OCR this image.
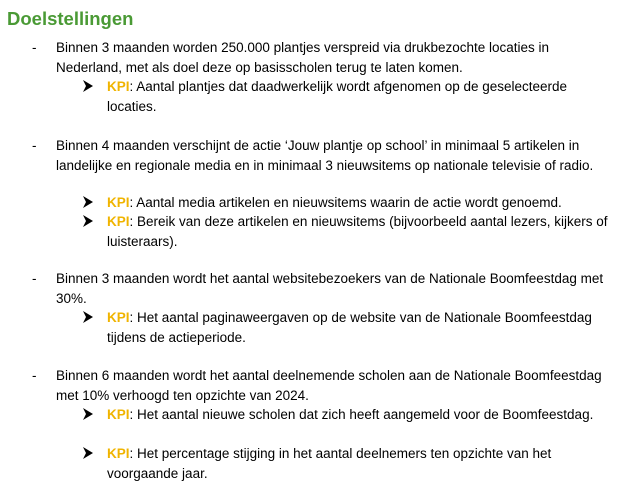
Doelstellingen
- Binnen 3 maanden worden 250.000 plantjes verspreid via drukbezochte locaties in Nederland, met als doel deze op basisscholen terug te laten komen.

KPI: Aantal plantjes dat daadwerkelijk wordt afgenomen op de geselecteerde locaties.

- Binnen 4 maanden verschijnt de actie ‘Jouw plantje op school’ in minimaal 5 artikelen in landelijke en regionale media en in minimaal 3 nieuwsitems op nationale televisie of radio.

KPI: Aantal media artikelen en nieuwsitems waarin de actie wordt genoemd.

KPI: Bereik van deze artikelen en nieuwsitems (bijvoorbeeld aantal lezers, kijkers of luisteraars).

- Binnen 3 maanden wordt het aantal websitebezoekers van de Nationale Boomfeestdag met 30%.

KPI: Het aantal paginaweergaven op de website van de Nationale Boomfeestdag tijdens de actieperiode.

- Binnen 6 maanden wordt het aantal deelnemende scholen aan de Nationale Boomfeestdag met 10% verhoogd ten opzichte van 2024.

KPI: Het aantal nieuwe scholen dat zich heeft aangemeld voor de Boomfeestdag.

KPI: Het percentage stijging in het aantal deelnemers ten opzichte van het voorgaande jaar.
